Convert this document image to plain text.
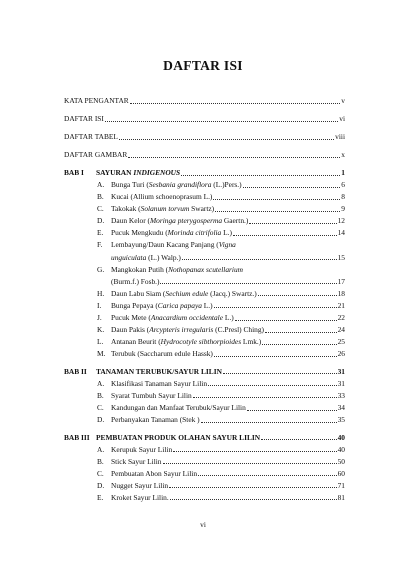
DAFTAR ISI
KATA PENGANTAR	v
DAFTAR ISI	vi
DAFTAR TABEL	viii
DAFTAR GAMBAR	x
BAB I SAYURAN INDIGENOUS	1
A. Bunga Turi (Sesbania grandiflora (L.)Pers.)	6
B. Kucai (Allium schoenoprasum L.)	8
C. Takokak (Solanum torvum Swartz)	9
D. Daun Kelor (Moringa pterygosperma Gaertn.)	12
E. Pucuk Mengkudu (Morinda citrifolia L.)	14
F. Lembayung/Daun Kacang Panjang (Vigna
unguiculata (L.) Walp.)	15
G. Mangkokan Putih (Nothopanax scutellarium
(Burm.f.) Fosb.)	17
H. Daun Labu Siam (Sechium edule (Jacq.) Swartz.)	18
I. Bunga Pepaya (Carica papaya L.)	21
J. Pucuk Mete (Anacardium occidentale L.)	22
K. Daun Pakis (Arcypteris irregularis (C.Presl) Ching)	24
L. Antanan Beurit (Hydrocotyle sibthorpioides Lmk.)	25
M. Terubuk (Saccharum edule Hassk)	26
BAB II TANAMAN TERUBUK/SAYUR LILIN	31
A. Klasifikasi Tanaman Sayur Lilin	31
B. Syarat Tumbuh Sayur Lilin	33
C. Kandungan dan Manfaat Terubuk/Sayur Lilin	34
D. Perbanyakan Tanaman (Stek )	35
BAB III PEMBUATAN PRODUK OLAHAN SAYUR LILIN	40
A. Kerupuk Sayur Lilin	40
B. Stick Sayur Lilin	50
C. Pembuatan Abon Sayur Lilin	60
D. Nugget Sayur Lilin	71
E. Kroket Sayur Lilin.	81
vi
